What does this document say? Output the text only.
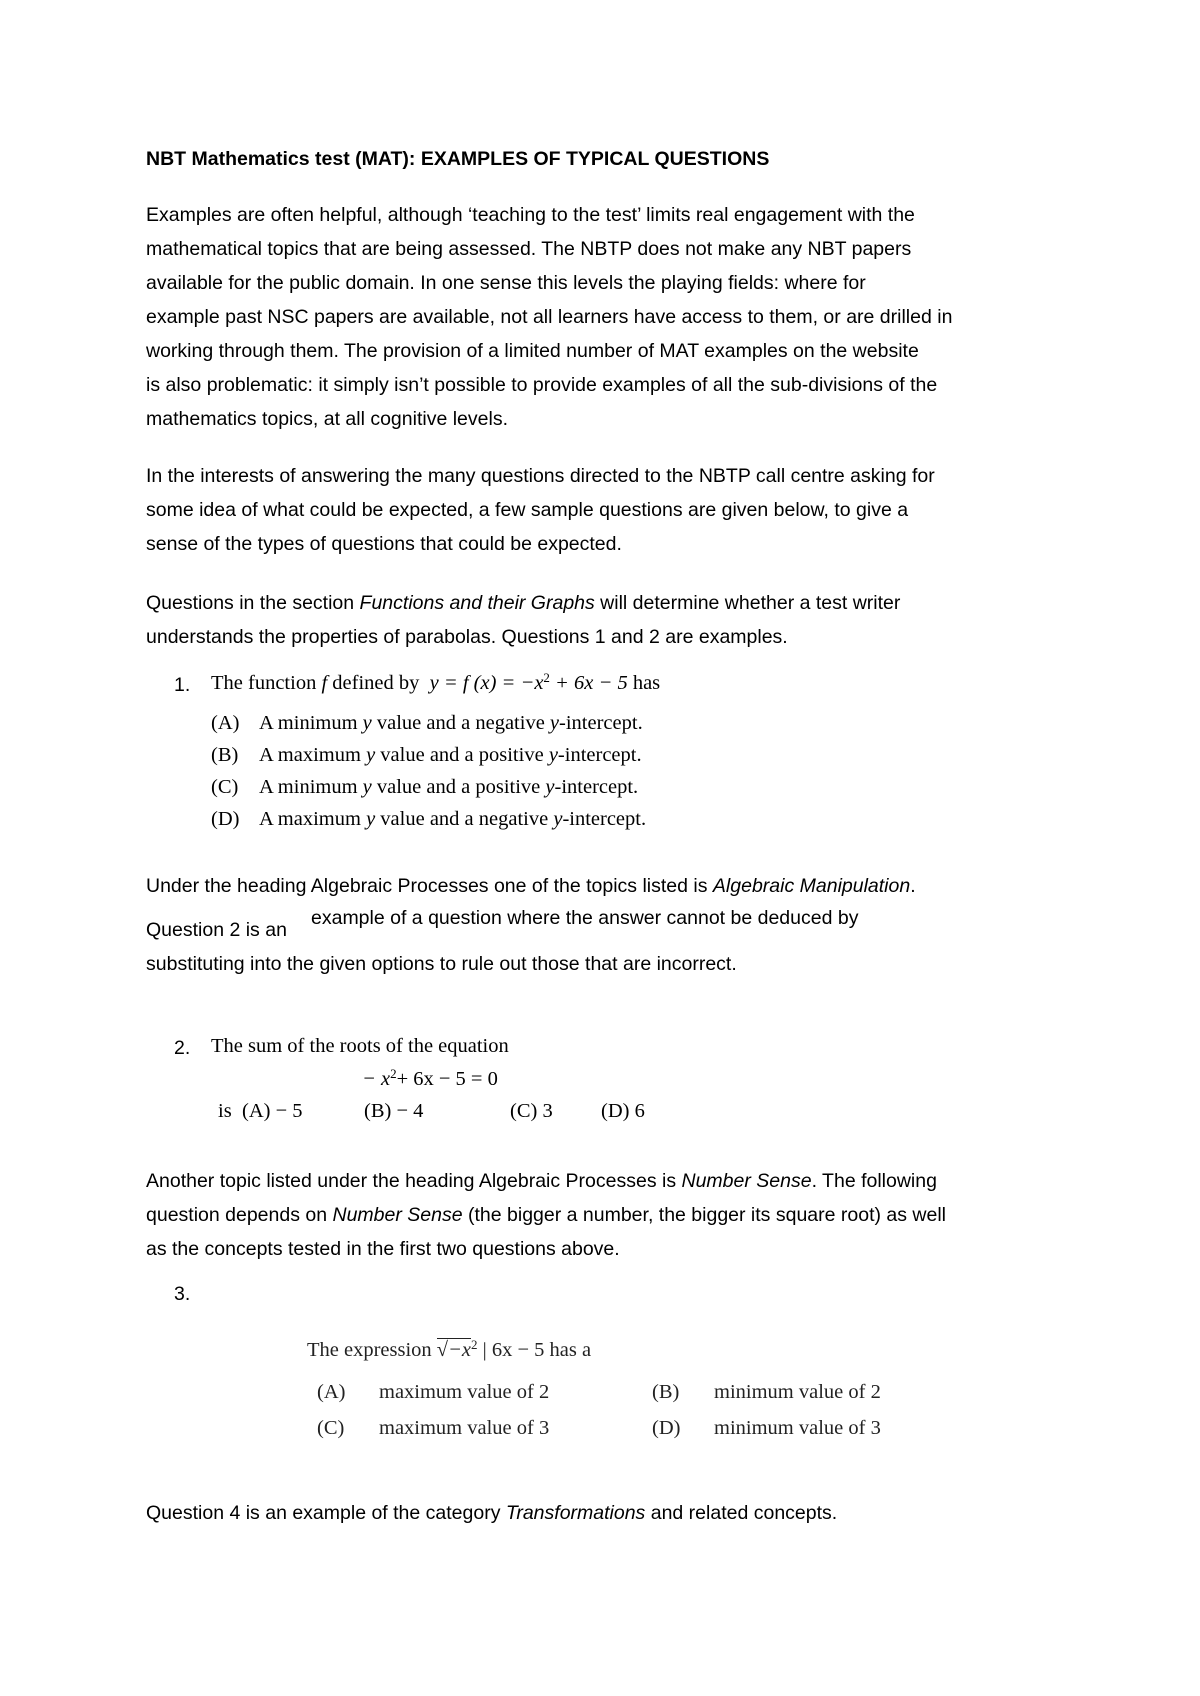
NBT Mathematics test (MAT): EXAMPLES OF TYPICAL QUESTIONS

Examples are often helpful, although ‘teaching to the test’ limits real engagement with the

mathematical topics that are being assessed. The NBTP does not make any NBT papers

available for the public domain. In one sense this levels the playing fields: where for

example past NSC papers are available, not all learners have access to them, or are drilled in

working through them. The provision of a limited number of MAT examples on the website

is also problematic: it simply isn’t possible to provide examples of all the sub-divisions of the

mathematics topics, at all cognitive levels.

In the interests of answering the many questions directed to the NBTP call centre asking for

some idea of what could be expected, a few sample questions are given below, to give a

sense of the types of questions that could be expected.

Questions in the section Functions and their Graphs will determine whether a test writer

understands the properties of parabolas. Questions 1 and 2 are examples.

1. The function f defined by  y = f $(x) = -x^2 + 6x - 5$ has
(A) A minimum y value and a negative y-intercept.
(B) A maximum y value and a positive y-intercept.
(C) A minimum y value and a positive y-intercept.
(D) A maximum y value and a negative y-intercept.
Under the heading Algebraic Processes one of the topics listed is Algebraic Manipulation.
Question 2 is an
example of a question where the answer cannot be deduced by
substituting into the given options to rule out those that are incorrect.
2. The sum of the roots of the equation
− $x^2+ 6x - 5 = 0$
is (A) − 5	(B) − 4	(C) 3 (D) 6

Another topic listed under the heading Algebraic Processes is Number Sense. The following

question depends on Number Sense (the bigger a number, the bigger its square root) as well

as the concepts tested in the first two questions above.

3.
The expression $√-x^2$ | 6x − 5 has a
(A) maximum value of 2	(B) minimum value of 2
(C) maximum value of 3	(D) minimum value of 3
Question 4 is an example of the category Transformations and related concepts.
